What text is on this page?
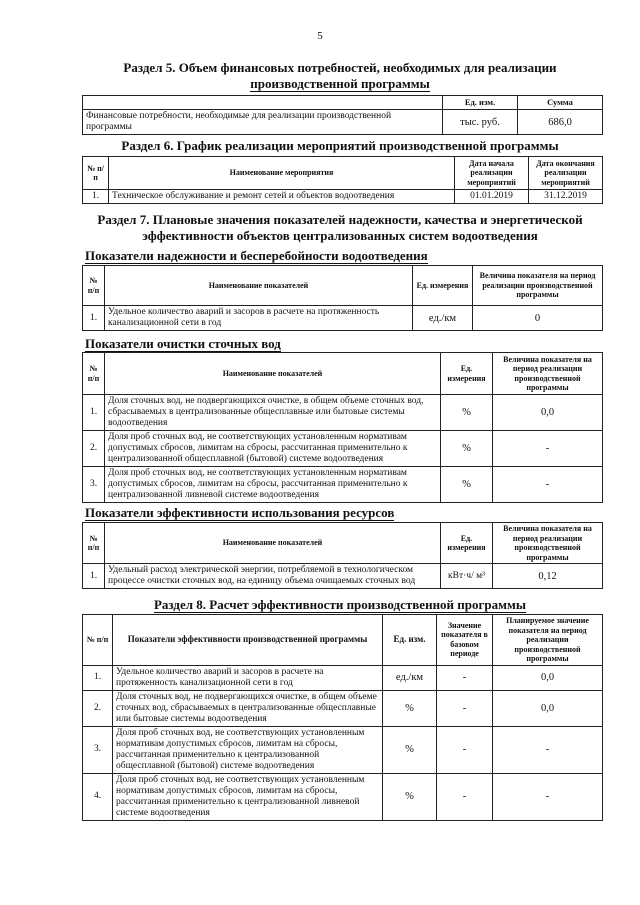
5
Раздел 5. Объем финансовых потребностей, необходимых для реализации
производственной программы
	Ед. изм.	Сумма
Финансовые потребности, необходимые для реализации производственной программы	тыс. руб.	686,0
Раздел 6. График реализации мероприятий производственной программы
№ п/п	Наименование мероприятия	Дата начала реализации мероприятий	Дата окончания реализации мероприятий
1.	Техническое обслуживание и ремонт сетей и объектов водоотведения	01.01.2019	31.12.2019
Раздел 7. Плановые значения показателей надежности, качества и энергетической
эффективности объектов централизованных систем водоотведения
Показатели надежности и бесперебойности водоотведения
№ п/п	Наименование показателей	Ед. измерения	Величина показателя на период реализации производственной программы
1.	Удельное количество аварий и засоров в расчете на протяженность канализационной сети в год	ед./км	0
Показатели очистки сточных вод
№ п/п	Наименование показателей	Ед. измерения	Величина показателя на период реализации производственной программы
1.	Доля сточных вод, не подвергающихся очистке, в общем объеме сточных вод, сбрасываемых в централизованные общесплавные или бытовые системы водоотведения	%	0,0
2.	Доля проб сточных вод, не соответствующих установленным нормативам допустимых сбросов, лимитам на сбросы, рассчитанная применительно к централизованной общесплавной (бытовой) системе водоотведения	%	-
3.	Доля проб сточных вод, не соответствующих установленным нормативам допустимых сбросов, лимитам на сбросы, рассчитанная применительно к централизованной ливневой системе водоотведения	%	-
Показатели эффективности использования ресурсов
№ п/п	Наименование показателей	Ед. измерения	Величина показателя на период реализации производственной программы
1.	Удельный расход электрической энергии, потребляемой в технологическом процессе очистки сточных вод, на единицу объема очищаемых сточных вод	кВт·ч/ м³	0,12
Раздел 8. Расчет эффективности производственной программы
№ п/п	Показатели эффективности производственной программы	Ед. изм.	Значение показателя в базовом периоде	Планируемое значение показателя на период реализации производственной программы
1.	Удельное количество аварий и засоров в расчете на протяженность канализационной сети в год	ед./км	-	0,0
2.	Доля сточных вод, не подвергающихся очистке, в общем объеме сточных вод, сбрасываемых в централизованные общесплавные или бытовые системы водоотведения	%	-	0,0
3.	Доля проб сточных вод, не соответствующих установленным нормативам допустимых сбросов, лимитам на сбросы, рассчитанная применительно к централизованной общесплавной (бытовой) системе водоотведения	%	-	-
4.	Доля проб сточных вод, не соответствующих установленным нормативам допустимых сбросов, лимитам на сбросы, рассчитанная применительно к централизованной ливневой системе водоотведения	%	-	-
